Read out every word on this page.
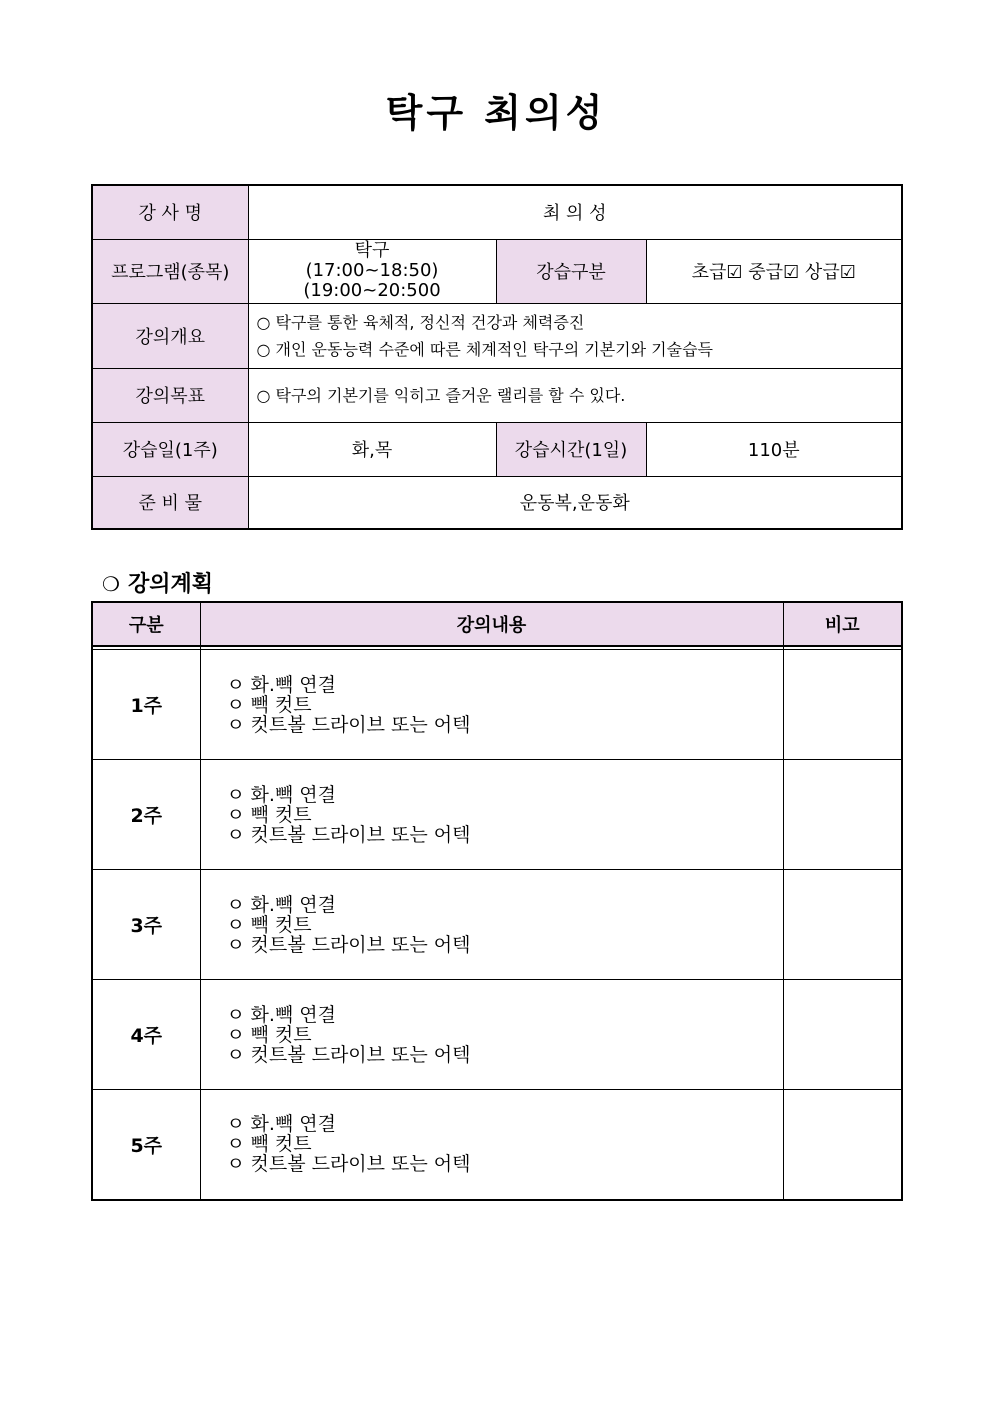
탁구 최의성
강 사 명	최 의 성		
프로그램(종목)	탁구
(17:00~18:50)
(19:00~20:500	강습구분	초급☑ 중급☑ 상급☑
강의개요	○ 탁구를 통한 육체적, 정신적 건강과 체력증진
○ 개인 운동능력 수준에 따른 체계적인 탁구의 기본기와 기술습득		

강의목표	○ 탁구의 기본기를 익히고 즐거운 랠리를 할 수 있다.		
강습일(1주)	화,목	강습시간(1일)	110분
준 비 물	운동복,운동화		
❍ 강의계획
구분	강의내용	비고

1주	ㅇ 화.빽 연결
ㅇ 빽 컷트
ㅇ 컷트볼 드라이브 또는 어텍	

2주	ㅇ 화.빽 연결
ㅇ 빽 컷트
ㅇ 컷트볼 드라이브 또는 어텍	

3주	ㅇ 화.빽 연결
ㅇ 빽 컷트
ㅇ 컷트볼 드라이브 또는 어텍	

4주	ㅇ 화.빽 연결
ㅇ 빽 컷트
ㅇ 컷트볼 드라이브 또는 어텍	

5주	ㅇ 화.빽 연결
ㅇ 빽 컷트
ㅇ 컷트볼 드라이브 또는 어텍	
